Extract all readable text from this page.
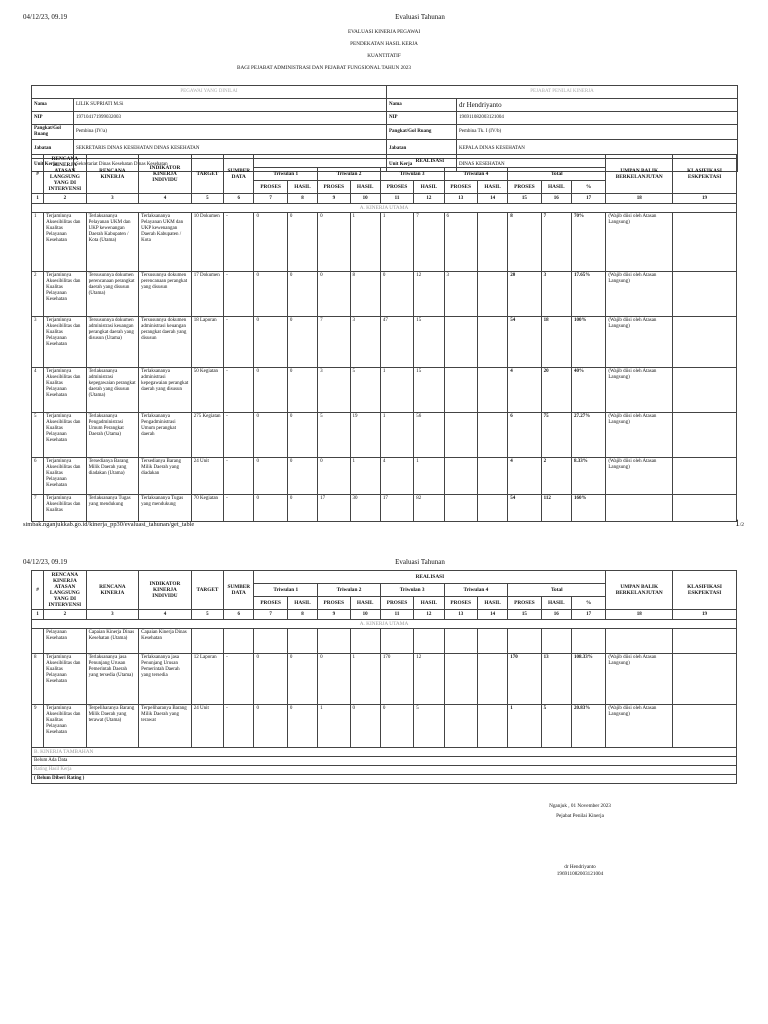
04/12/23, 09.19	Evaluasi Tahunan
EVALUASI KINERJA PEGAWAI
PENDEKATAN HASIL KERJA
KUANTITATIF
BAGI PEJABAT ADMINISTRASI DAN PEJABAT FUNGSIONAL TAHUN 2023
PEGAWAI YANG DINILAI		PEJABAT PENILAI KINERJA	
Nama	LILIK SUPRIATI M.Si	Nama	dr Hendriyanto
NIP	197104171999032003	NIP	196911082003121004
Pangkat/Gol Ruang	Pembina (IV/a)	Pangkat/Gol Ruang	Pembina Tk. I (IV/b)
Jabatan	SEKRETARIS DINAS KESEHATAN DINAS KESEHATAN	Jabatan	KEPALA DINAS KESEHATAN
Unit Kerja	Sekretariat Dinas Kesehatan Dinas Kesehatan	Unit Kerja	DINAS KESEHATAN
#	RENCANA KINERJA ATASAN LANGSUNG YANG DI INTERVENSI	RENCANA KINERJA	INDIKATOR KINERJA INDIVIDU	TARGET	SUMBER DATA	REALISASI											UMPAN BALIK BERKELANJUTAN	KLASIFIKASI ESKPEKTASI
						Triwulan 1		Triwulan 2		Triwulan 3		Triwulan 4		Total				
						PROSES	HASIL	PROSES	HASIL	PROSES	HASIL	PROSES	HASIL	PROSES	HASIL	%		
1	2	3	4	5	6	7	8	9	10	11	12	13	14	15	16	17	18	19
A. KINERJA UTAMA																		
1	Terjaminnya Aksesibilitas dan Kualitas Pelayanan Kesehatan	Terlaksananya Pelayanan UKM dan UKP kewenangan Daerah Kabupaten / Kota (Utama)	Terlaksananya Pelayanan UKM dan UKP kewenangan Daerah Kabupaten / Kota	10 Dokumen	-	0	0	0	1	1	7	6		8	7	70%	(Wajib diisi oleh Atasan Langsung)	
2	Terjaminnya Aksesibilitas dan Kualitas Pelayanan Kesehatan	Tersusunnya dokumen perencanaan perangkat daerah yang disusun (Utama)	Tersusunnya dokumen perencanaan perangkat yang disusun	17 Dokumen	-	0	0	0	8	0	12	3		20	3	17.65%	(Wajib diisi oleh Atasan Langsung)	
3	Terjaminnya Aksesibilitas dan Kualitas Pelayanan Kesehatan	Tersusunnya dokumen administrasi keuangan perangkat daerah yang disusun (Utama)	Tersusunnya dokumen administrasi keuangan perangkat daerah yang disusun	18 Laporan	-	0	0	7	3	47	15			54	18	100%	(Wajib diisi oleh Atasan Langsung)	
4	Terjaminnya Aksesibilitas dan Kualitas Pelayanan Kesehatan	Terlaksananya administrasi kepegawaian perangkat daerah yang disusun (Utama)	Terlaksananya administrasi kepegawaian perangkat daerah yang disusun	50 Kegiatan	-	0	0	3	5	1	15			4	20	40%	(Wajib diisi oleh Atasan Langsung)	
5	Terjaminnya Aksesibilitas dan Kualitas Pelayanan Kesehatan	Terlaksananya Pengadministrasi Umum Perangkat Daerah (Utama)	Terlaksananya Pengadministrasi Umum perangkat daerah	275 Kegiatan	-	0	0	5	19	1	56			6	75	27.27%	(Wajib diisi oleh Atasan Langsung)	
6	Terjaminnya Aksesibilitas dan Kualitas Pelayanan Kesehatan	Tersedianya Barang Milik Daerah yang diadakan (Utama)	Tersedianya Barang Milik Daerah yang diadakan	24 Unit	-	0	0	0	1	4	1			4	2	8.33%	(Wajib diisi oleh Atasan Langsung)	
7	Terjaminnya Aksesibilitas dan Kualitas	Terlaksananya Tugas yang mendukung	Terlaksananya Tugas yang mendukung	70 Kegiatan	-	0	0	17	30	17	82			54	112	160%		
simbak.nganjukkab.go.id/kinerja_pp30/evaluasi_tahunan/get_table	1/2
04/12/23, 09.19	Evaluasi Tahunan
#	RENCANA KINERJA ATASAN LANGSUNG YANG DI INTERVENSI	RENCANA KINERJA	INDIKATOR KINERJA INDIVIDU	TARGET	SUMBER DATA	REALISASI											UMPAN BALIK BERKELANJUTAN	KLASIFIKASI ESKPEKTASI
						Triwulan 1		Triwulan 2		Triwulan 3		Triwulan 4		Total				
						PROSES	HASIL	PROSES	HASIL	PROSES	HASIL	PROSES	HASIL	PROSES	HASIL	%		
1	2	3	4	5	6	7	8	9	10	11	12	13	14	15	16	17	18	19
A. KINERJA UTAMA																		
	Pelayanan Kesehatan	Capaian Kinerja Dinas Kesehatan (Utama)	Capaian Kinerja Dinas Kesehatan															
8	Terjaminnya Aksesibilitas dan Kualitas Pelayanan Kesehatan	Terlaksananya jasa Penunjang Urusan Pemerintah Daerah yang tersedia (Utama)	Terlaksananya jasa Penunjang Urusan Pemerintah Daerah yang tersedia	12 Laporan	-	0	0	0	1	170	12			170	13	108.33%	(Wajib diisi oleh Atasan Langsung)	
9	Terjaminnya Aksesibilitas dan Kualitas Pelayanan Kesehatan	Terpeliharanya Barang Milik Daerah yang terawat (Utama)	Terpeliharanya Barang Milik Daerah yang terawat	24 Unit	-	0	0	1	0	0	5			1	5	20.83%	(Wajib diisi oleh Atasan Langsung)	
B. KINERJA TAMBAHAN																		
Belum Ada Data																		
Rating Hasil Kerja																		
( Belum Diberi Rating )																		
Nganjuk , 01 November 2023
Pejabat Penilai Kinerja
dr Hendriyanto
196911082003121004
